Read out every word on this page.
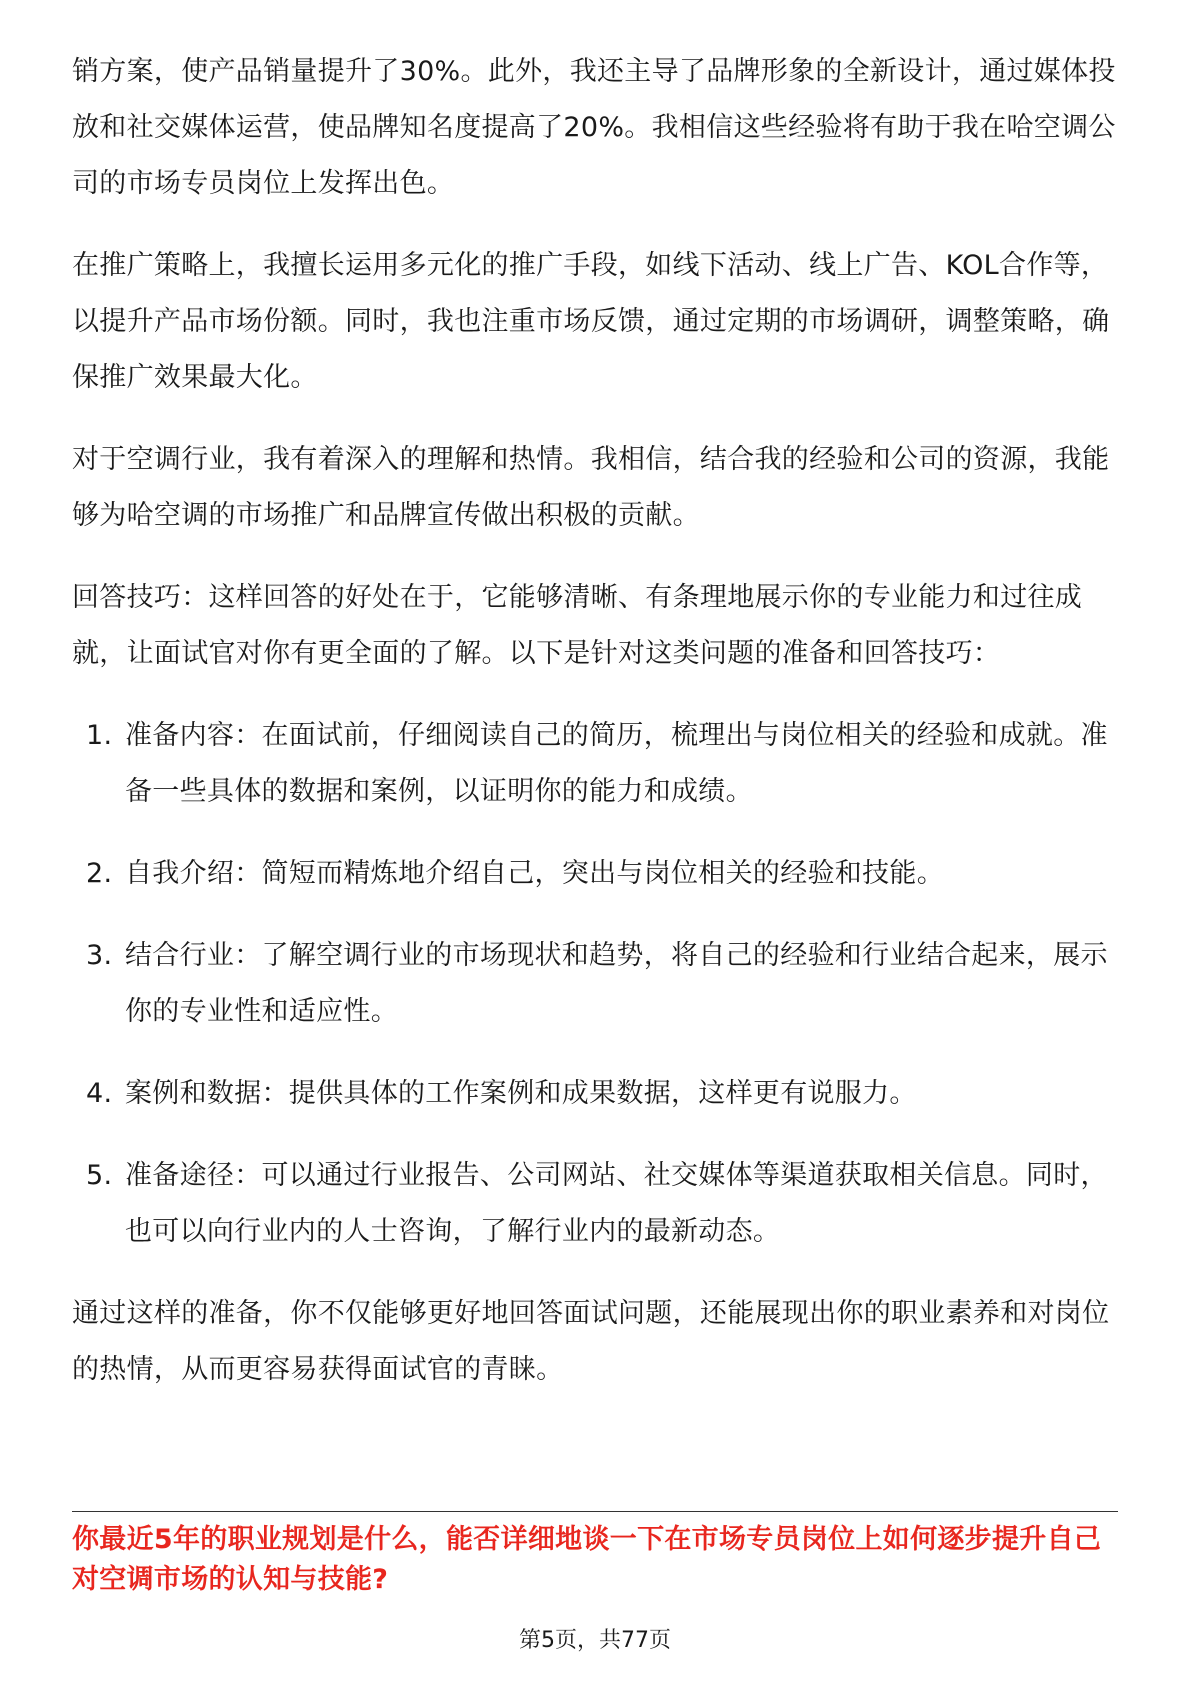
销方案，使产品销量提升了30%。此外，我还主导了品牌形象的全新设计，通过媒体投放和社交媒体运营，使品牌知名度提高了20%。我相信这些经验将有助于我在哈空调公司的市场专员岗位上发挥出色。

在推广策略上，我擅长运用多元化的推广手段，如线下活动、线上广告、KOL合作等，以提升产品市场份额。同时，我也注重市场反馈，通过定期的市场调研，调整策略，确保推广效果最大化。

对于空调行业，我有着深入的理解和热情。我相信，结合我的经验和公司的资源，我能够为哈空调的市场推广和品牌宣传做出积极的贡献。

回答技巧：这样回答的好处在于，它能够清晰、有条理地展示你的专业能力和过往成就，让面试官对你有更全面的了解。以下是针对这类问题的准备和回答技巧：

1. 准备内容：在面试前，仔细阅读自己的简历，梳理出与岗位相关的经验和成就。准备一些具体的数据和案例，以证明你的能力和成绩。
2. 自我介绍：简短而精炼地介绍自己，突出与岗位相关的经验和技能。
3. 结合行业：了解空调行业的市场现状和趋势，将自己的经验和行业结合起来，展示你的专业性和适应性。
4. 案例和数据：提供具体的工作案例和成果数据，这样更有说服力。
5. 准备途径：可以通过行业报告、公司网站、社交媒体等渠道获取相关信息。同时，也可以向行业内的人士咨询，了解行业内的最新动态。

通过这样的准备，你不仅能够更好地回答面试问题，还能展现出你的职业素养和对岗位的热情，从而更容易获得面试官的青睐。

你最近5年的职业规划是什么，能否详细地谈一下在市场专员岗位上如何逐步提升自己对空调市场的认知与技能?

第5页，共77页
